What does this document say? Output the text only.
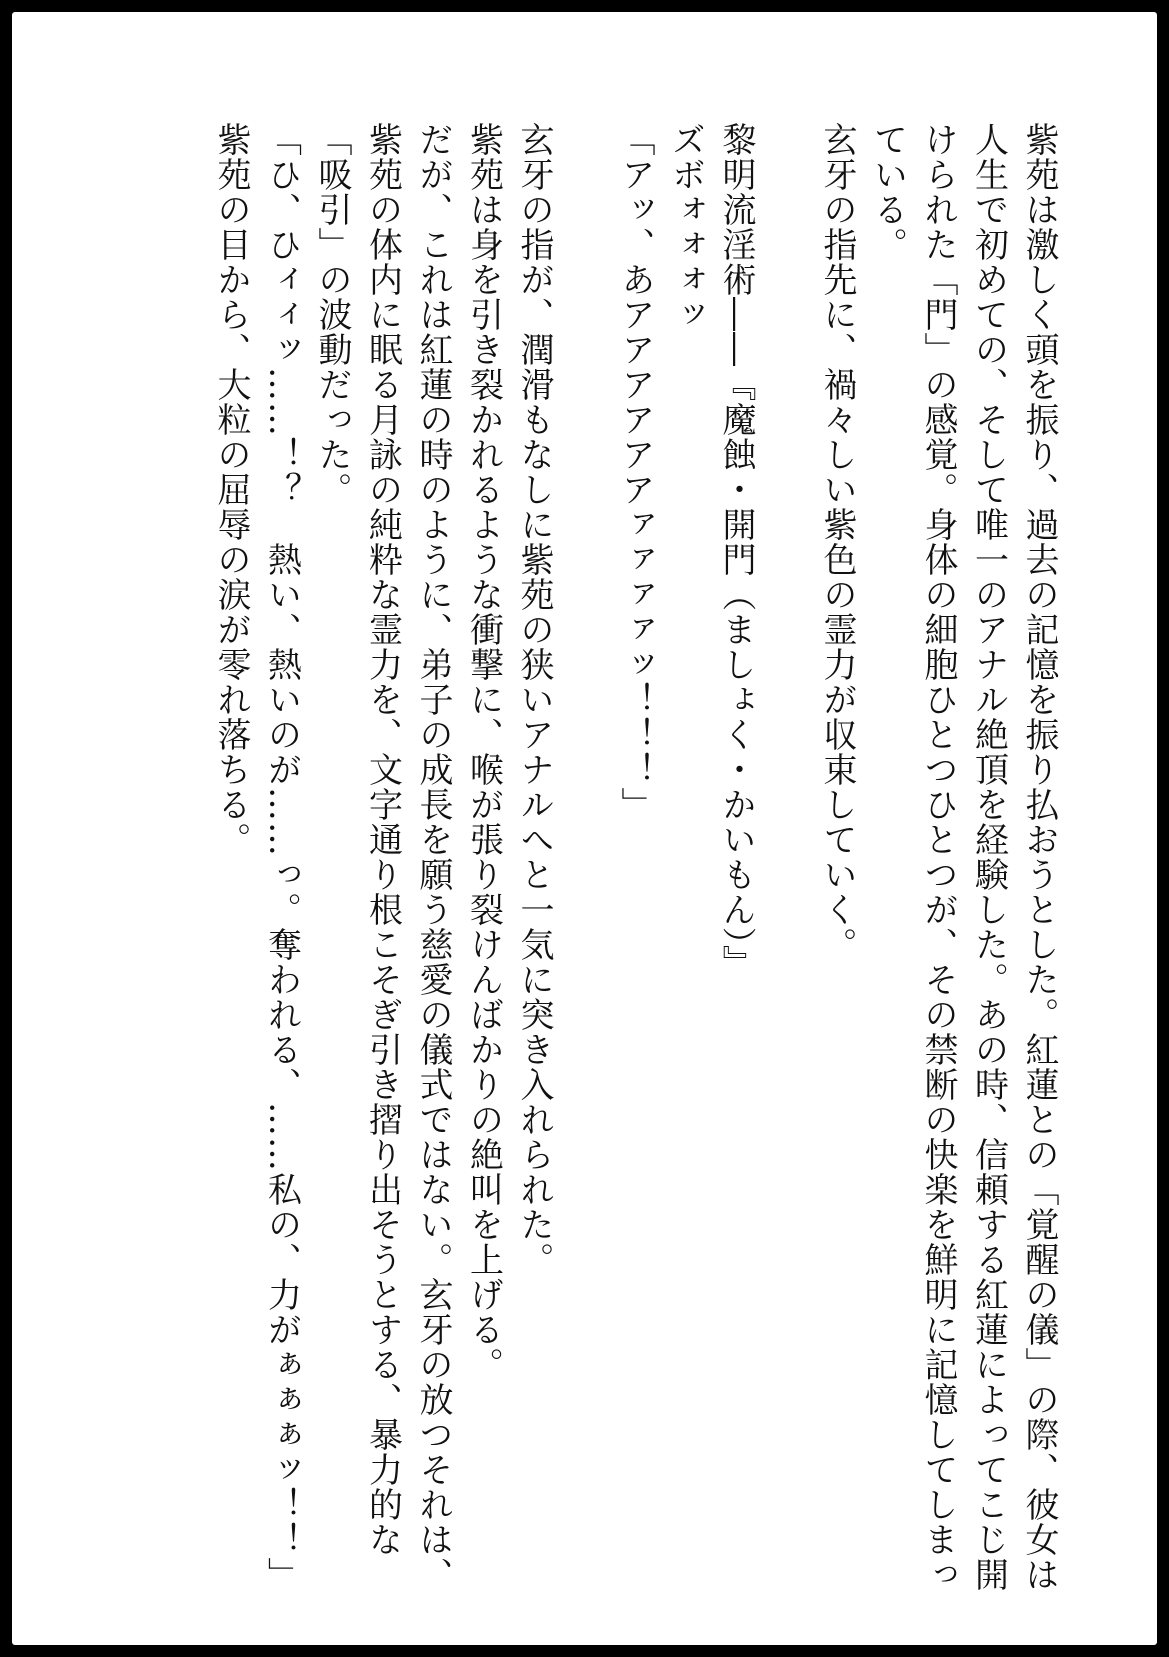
紫苑は激しく頭を振り、過去の記憶を振り払おうとした。紅蓮との「覚醒の儀」の際、彼女は
人生で初めての、そして唯一のアナル絶頂を経験した。あの時、信頼する紅蓮によってこじ開
けられた「門」の感覚。身体の細胞ひとつひとつが、その禁断の快楽を鮮明に記憶してしまっ
ている。
玄牙の指先に、禍々しい紫色の霊力が収束していく。
黎明流淫術――『魔蝕・開門（ましょく・かいもん）』
ズボォォォッ
「アッ、あアアアアアアァァァァッ！！！」
玄牙の指が、潤滑もなしに紫苑の狭いアナルへと一気に突き入れられた。
紫苑は身を引き裂かれるような衝撃に、喉が張り裂けんばかりの絶叫を上げる。
だが、これは紅蓮の時のように、弟子の成長を願う慈愛の儀式ではない。玄牙の放つそれは、
紫苑の体内に眠る月詠の純粋な霊力を、文字通り根こそぎ引き摺り出そうとする、暴力的な
「吸引」の波動だった。
「ひ、ひィィッ……！？　熱い、熱いのが……っ。奪われる、……私の、力がぁぁぁッ！！」
紫苑の目から、大粒の屈辱の涙が零れ落ちる。
